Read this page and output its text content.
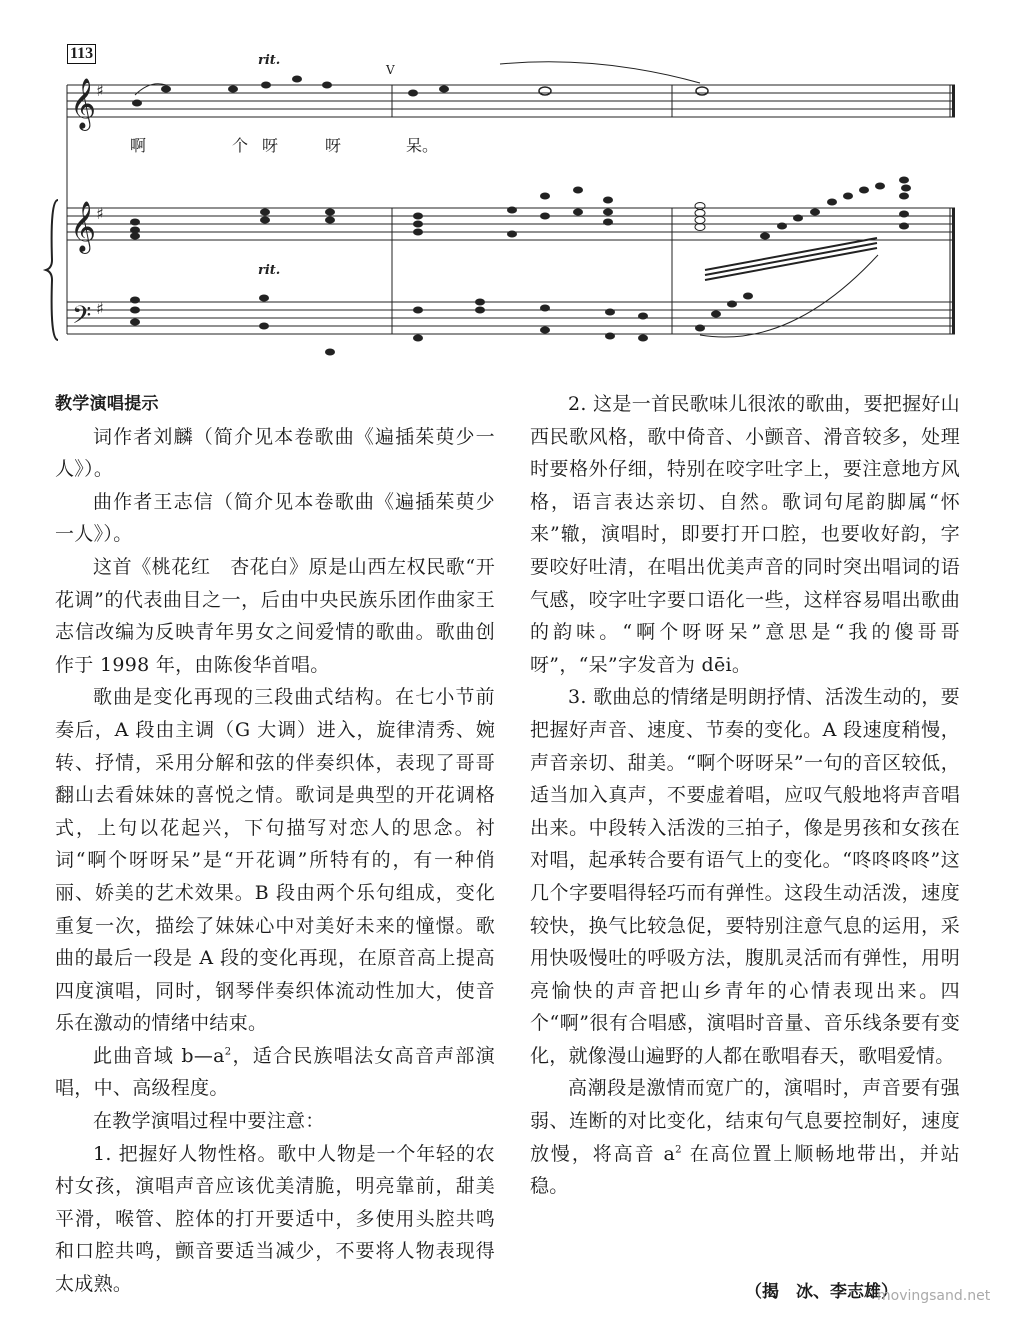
113
𝄞
𝄞
𝄢
♯
♯
♯
rit.
rit.
V
啊	个 呀	呀	呆。
教学演唱提示

词作者刘麟（简介见本卷歌曲《遍插茱萸少一人》）。

曲作者王志信（简介见本卷歌曲《遍插茱萸少一人》）。

这首《桃花红　杏花白》原是山西左权民歌“开花调”的代表曲目之一，后由中央民族乐团作曲家王志信改编为反映青年男女之间爱情的歌曲。歌曲创作于 1998 年，由陈俊华首唱。

歌曲是变化再现的三段曲式结构。在七小节前奏后，A 段由主调（G 大调）进入，旋律清秀、婉转、抒情，采用分解和弦的伴奏织体，表现了哥哥翻山去看妹妹的喜悦之情。歌词是典型的开花调格式，上句以花起兴，下句描写对恋人的思念。衬词“啊个呀呀呆”是“开花调”所特有的，有一种俏丽、娇美的艺术效果。B 段由两个乐句组成，变化重复一次，描绘了妹妹心中对美好未来的憧憬。歌曲的最后一段是 A 段的变化再现，在原音高上提高四度演唱，同时，钢琴伴奏织体流动性加大，使音乐在激动的情绪中结束。

此曲音域 $b—a^2$，适合民族唱法女高音声部演唱，中、高级程度。

在教学演唱过程中要注意：

1. 把握好人物性格。歌中人物是一个年轻的农村女孩，演唱声音应该优美清脆，明亮靠前，甜美平滑，喉管、腔体的打开要适中，多使用头腔共鸣和口腔共鸣，颤音要适当减少，不要将人物表现得太成熟。

2. 这是一首民歌味儿很浓的歌曲，要把握好山西民歌风格，歌中倚音、小颤音、滑音较多，处理时要格外仔细，特别在咬字吐字上，要注意地方风格，语言表达亲切、自然。歌词句尾韵脚属“怀来”辙，演唱时，即要打开口腔，也要收好韵，字要咬好吐清，在唱出优美声音的同时突出唱词的语气感，咬字吐字要口语化一些，这样容易唱出歌曲的韵味。“啊个呀呀呆”意思是“我的傻哥哥呀”，“呆”字发音为 dēi。

3. 歌曲总的情绪是明朗抒情、活泼生动的，要把握好声音、速度、节奏的变化。A 段速度稍慢，声音亲切、甜美。“啊个呀呀呆”一句的音区较低，适当加入真声，不要虚着唱，应叹气般地将声音唱出来。中段转入活泼的三拍子，像是男孩和女孩在对唱，起承转合要有语气上的变化。“咚咚咚咚”这几个字要唱得轻巧而有弹性。这段生动活泼，速度较快，换气比较急促，要特别注意气息的运用，采用快吸慢吐的呼吸方法，腹肌灵活而有弹性，用明亮愉快的声音把山乡青年的心情表现出来。四个“啊”很有合唱感，演唱时音量、音乐线条要有变化，就像漫山遍野的人都在歌唱春天，歌唱爱情。

高潮段是激情而宽广的，演唱时，声音要有强弱、连断的对比变化，结束句气息要控制好，速度放慢，将高音 $a^2$ 在高位置上顺畅地带出，并站稳。

（揭　冰、李志雄）
movingsand.net
